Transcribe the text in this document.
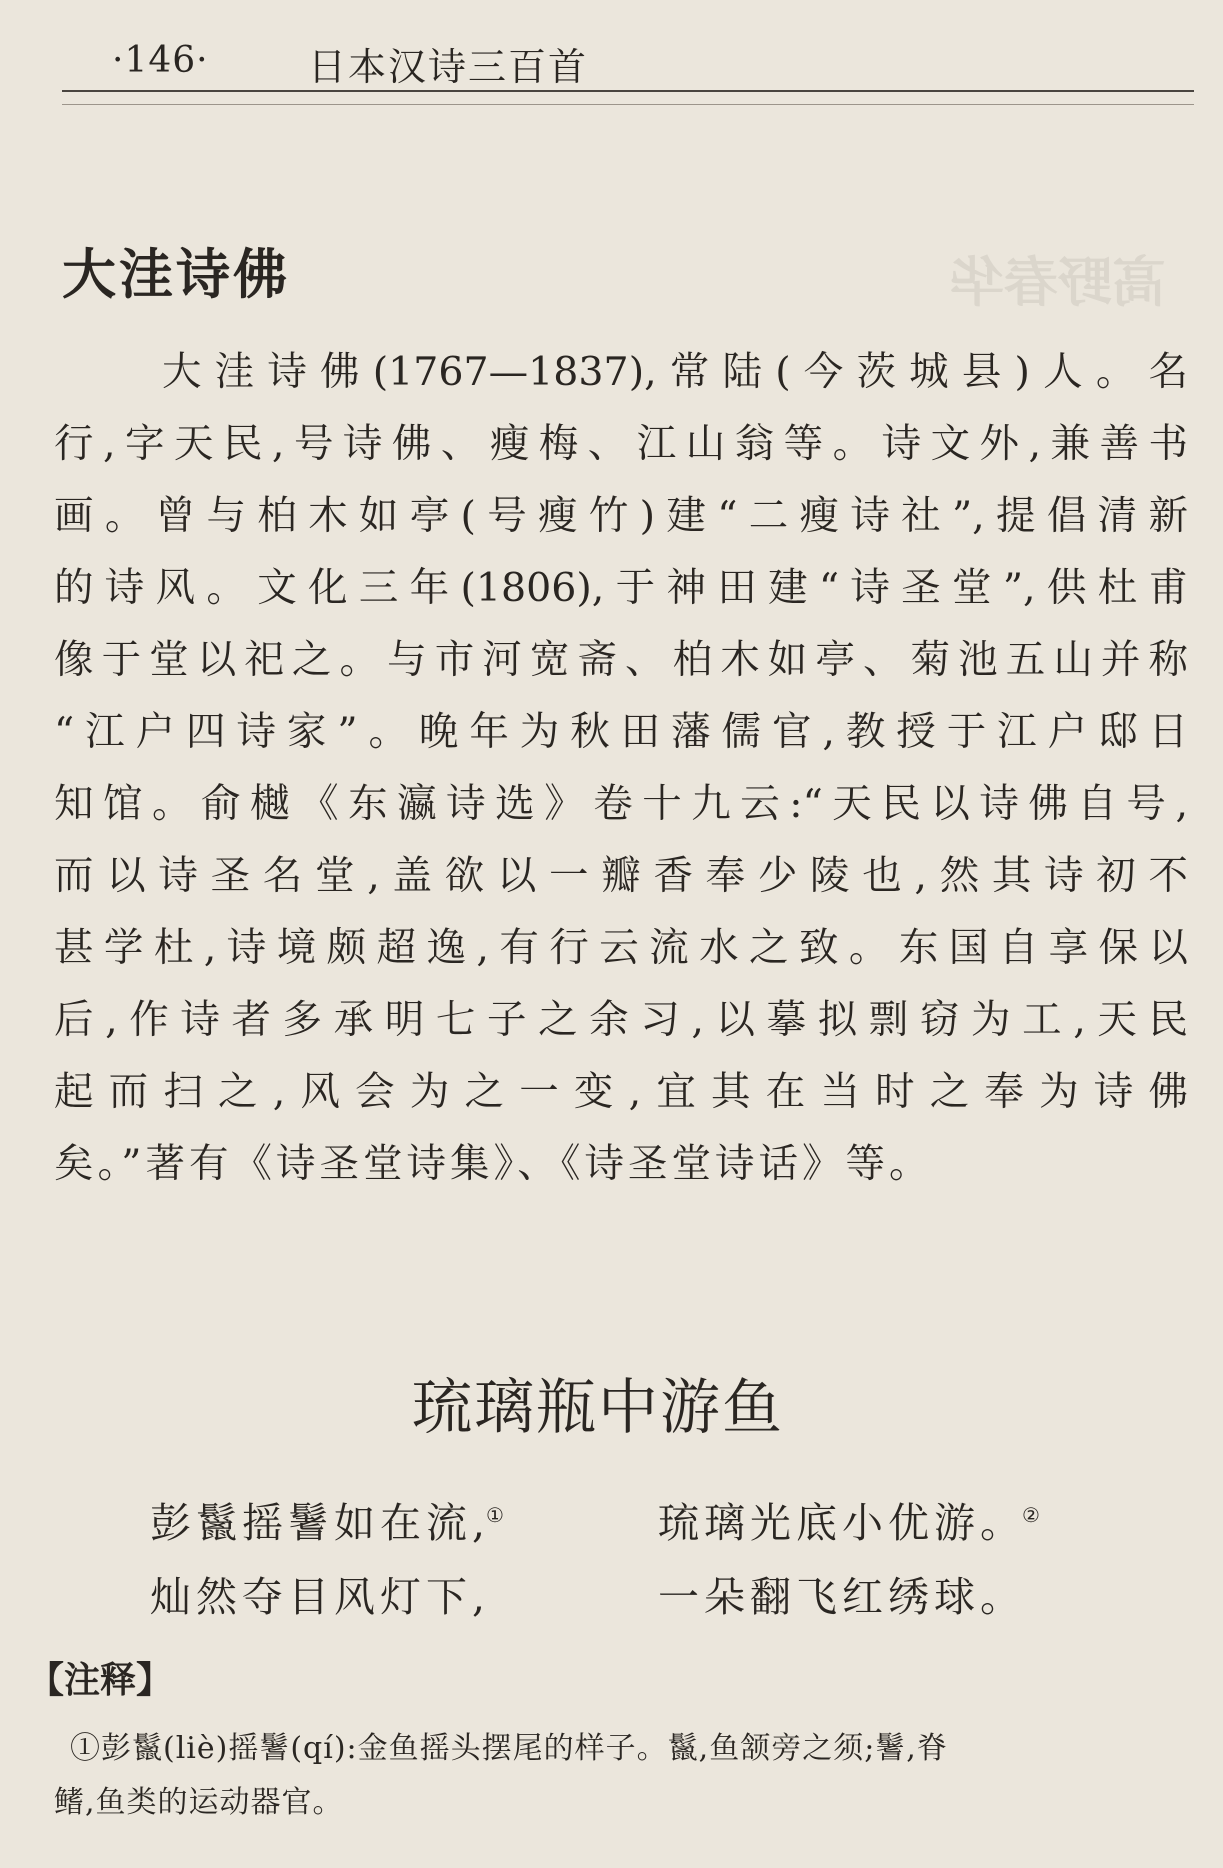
高野春华
·146·	日本汉诗三百首
大洼诗佛
大洼诗佛(1767—1837),常陆(今茨城县)人。名
行,字天民,号诗佛、瘦梅、江山翁等。诗文外,兼善书
画。曾与柏木如亭(号瘦竹)建“二瘦诗社”,提倡清新
的诗风。文化三年(1806),于神田建“诗圣堂”,供杜甫
像于堂以祀之。与市河宽斋、柏木如亭、菊池五山并称
“江户四诗家”。晚年为秋田藩儒官,教授于江户邸日
知馆。俞樾《东瀛诗选》卷十九云:“天民以诗佛自号,
而以诗圣名堂,盖欲以一瓣香奉少陵也,然其诗初不
甚学杜,诗境颇超逸,有行云流水之致。东国自享保以
后,作诗者多承明七子之余习,以摹拟剽窃为工,天民
起而扫之,风会为之一变,宜其在当时之奉为诗佛
矣。”著有《诗圣堂诗集》、《诗圣堂诗话》等。
琉璃瓶中游鱼
彭鬣摇鬐如在流,①	琉璃光底小优游。②
灿然夺目风灯下,	一朵翻飞红绣球。
【注释】
①彭鬣(liè)摇鬐(qí):金鱼摇头摆尾的样子。鬣,鱼颔旁之须;鬐,脊
鳍,鱼类的运动器官。
